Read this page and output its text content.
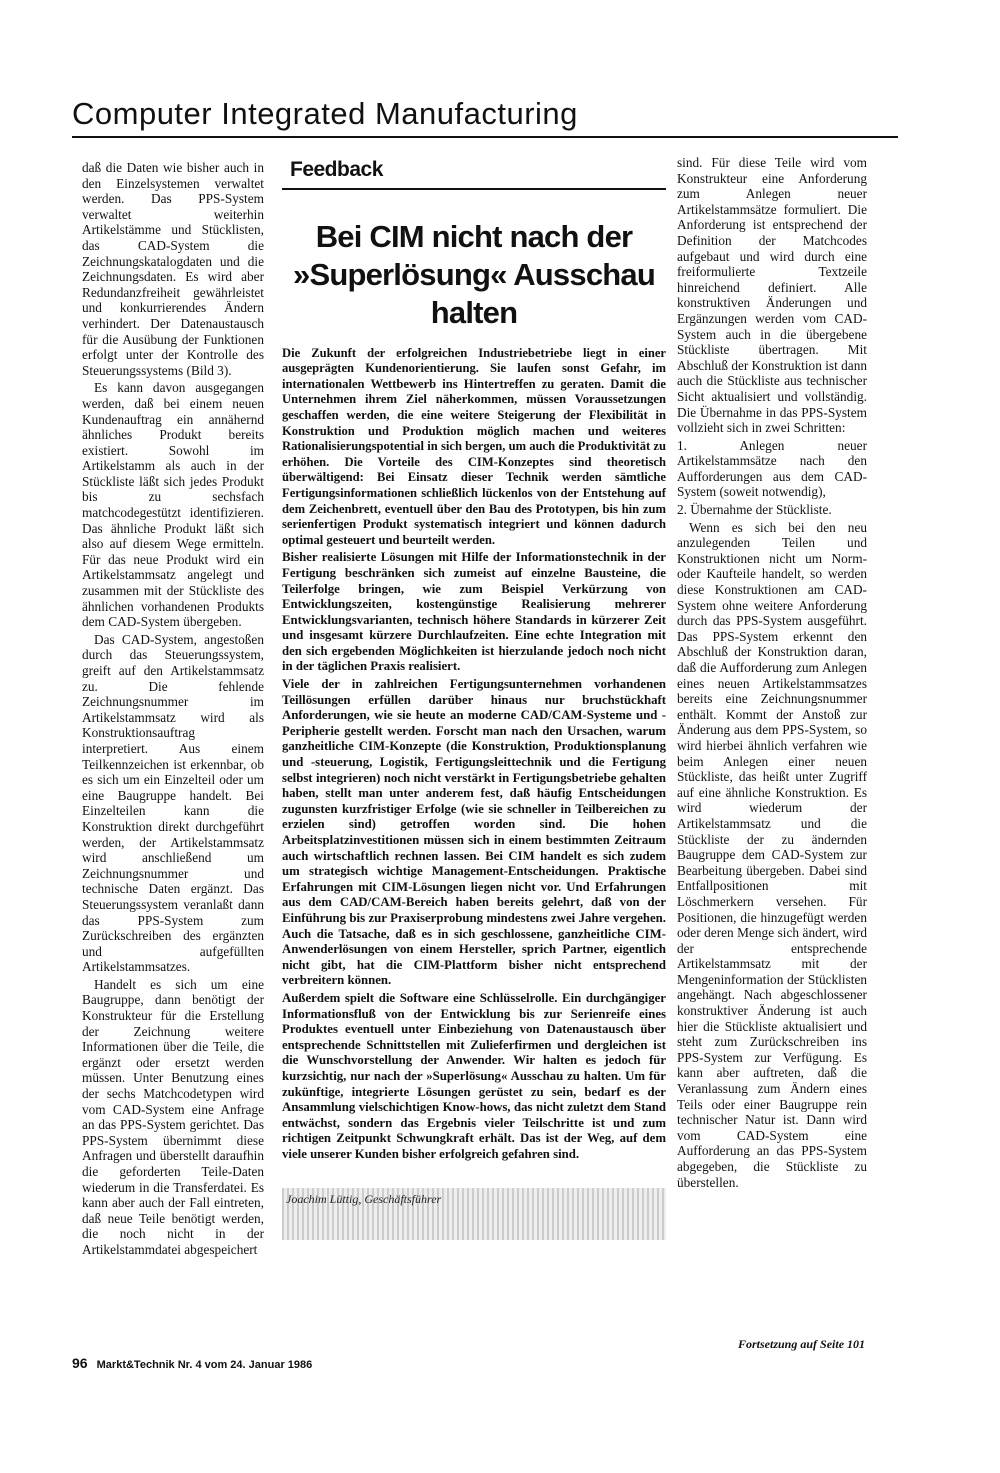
Computer Integrated Manufacturing

daß die Daten wie bisher auch in den Einzelsystemen verwaltet werden. Das PPS-System verwaltet weiterhin Artikelstämme und Stücklisten, das CAD-System die Zeichnungskatalogdaten und die Zeichnungsdaten. Es wird aber Redundanzfreiheit gewährleistet und konkurrierendes Ändern verhindert. Der Datenaustausch für die Ausübung der Funktionen erfolgt unter der Kontrolle des Steuerungssystems (Bild 3).

Es kann davon ausgegangen werden, daß bei einem neuen Kundenauftrag ein annähernd ähnliches Produkt bereits existiert. Sowohl im Artikelstamm als auch in der Stückliste läßt sich jedes Produkt bis zu sechsfach matchcodegestützt identifizieren. Das ähnliche Produkt läßt sich also auf diesem Wege ermitteln. Für das neue Produkt wird ein Artikelstammsatz angelegt und zusammen mit der Stückliste des ähnlichen vorhandenen Produkts dem CAD-System übergeben.

Das CAD-System, angestoßen durch das Steuerungssystem, greift auf den Artikelstammsatz zu. Die fehlende Zeichnungsnummer im Artikelstammsatz wird als Konstruktionsauftrag interpretiert. Aus einem Teilkennzeichen ist erkennbar, ob es sich um ein Einzelteil oder um eine Baugruppe handelt. Bei Einzelteilen kann die Konstruktion direkt durchgeführt werden, der Artikelstammsatz wird anschließend um Zeichnungsnummer und technische Daten ergänzt. Das Steuerungssystem veranlaßt dann das PPS-System zum Zurückschreiben des ergänzten und aufgefüllten Artikelstammsatzes.

Handelt es sich um eine Baugruppe, dann benötigt der Konstrukteur für die Erstellung der Zeichnung weitere Informationen über die Teile, die ergänzt oder ersetzt werden müssen. Unter Benutzung eines der sechs Matchcodetypen wird vom CAD-System eine Anfrage an das PPS-System gerichtet. Das PPS-System übernimmt diese Anfragen und überstellt daraufhin die geforderten Teile-Daten wiederum in die Transferdatei. Es kann aber auch der Fall eintreten, daß neue Teile benötigt werden, die noch nicht in der Artikelstammdatei abgespeichert

Feedback
Bei CIM nicht nach der »Superlösung« Ausschau halten

Die Zukunft der erfolgreichen Industriebetriebe liegt in einer ausgeprägten Kundenorientierung. Sie laufen sonst Gefahr, im internationalen Wettbewerb ins Hintertreffen zu geraten. Damit die Unternehmen ihrem Ziel näherkommen, müssen Voraussetzungen geschaffen werden, die eine weitere Steigerung der Flexibilität in Konstruktion und Produktion möglich machen und weiteres Rationalisierungspotential in sich bergen, um auch die Produktivität zu erhöhen. Die Vorteile des CIM-Konzeptes sind theoretisch überwältigend: Bei Einsatz dieser Technik werden sämtliche Fertigungsinformationen schließlich lückenlos von der Entstehung auf dem Zeichenbrett, eventuell über den Bau des Prototypen, bis hin zum serienfertigen Produkt systematisch integriert und können dadurch optimal gesteuert und beurteilt werden.

Bisher realisierte Lösungen mit Hilfe der Informationstechnik in der Fertigung beschränken sich zumeist auf einzelne Bausteine, die Teilerfolge bringen, wie zum Beispiel Verkürzung von Entwicklungszeiten, kostengünstige Realisierung mehrerer Entwicklungsvarianten, technisch höhere Standards in kürzerer Zeit und insgesamt kürzere Durchlaufzeiten. Eine echte Integration mit den sich ergebenden Möglichkeiten ist hierzulande jedoch noch nicht in der täglichen Praxis realisiert.

Viele der in zahlreichen Fertigungsunternehmen vorhandenen Teillösungen erfüllen darüber hinaus nur bruchstückhaft Anforderungen, wie sie heute an moderne CAD/CAM-Systeme und -Peripherie gestellt werden. Forscht man nach den Ursachen, warum ganzheitliche CIM-Konzepte (die Konstruktion, Produktionsplanung und -steuerung, Logistik, Fertigungsleittechnik und die Fertigung selbst integrieren) noch nicht verstärkt in Fertigungsbetriebe gehalten haben, stellt man unter anderem fest, daß häufig Entscheidungen zugunsten kurzfristiger Erfolge (wie sie schneller in Teilbereichen zu erzielen sind) getroffen worden sind. Die hohen Arbeitsplatzinvestitionen müssen sich in einem bestimmten Zeitraum auch wirtschaftlich rechnen lassen. Bei CIM handelt es sich zudem um strategisch wichtige Management-Entscheidungen. Praktische Erfahrungen mit CIM-Lösungen liegen nicht vor. Und Erfahrungen aus dem CAD/CAM-Bereich haben bereits gelehrt, daß von der Einführung bis zur Praxiserprobung mindestens zwei Jahre vergehen. Auch die Tatsache, daß es in sich geschlossene, ganzheitliche CIM-Anwenderlösungen von einem Hersteller, sprich Partner, eigentlich nicht gibt, hat die CIM-Plattform bisher nicht entsprechend verbreitern können.

Außerdem spielt die Software eine Schlüsselrolle. Ein durchgängiger Informationsfluß von der Entwicklung bis zur Serienreife eines Produktes eventuell unter Einbeziehung von Datenaustausch über entsprechende Schnittstellen mit Zulieferfirmen und dergleichen ist die Wunschvorstellung der Anwender. Wir halten es jedoch für kurzsichtig, nur nach der »Superlösung« Ausschau zu halten. Um für zukünftige, integrierte Lösungen gerüstet zu sein, bedarf es der Ansammlung vielschichtigen Know-hows, das nicht zuletzt dem Stand entwächst, sondern das Ergebnis vieler Teilschritte ist und zum richtigen Zeitpunkt Schwungkraft erhält. Das ist der Weg, auf dem viele unserer Kunden bisher erfolgreich gefahren sind.

Joachim Lüttig, Geschäftsführer

sind. Für diese Teile wird vom Konstrukteur eine Anforderung zum Anlegen neuer Artikelstammsätze formuliert. Die Anforderung ist entsprechend der Definition der Matchcodes aufgebaut und wird durch eine freiformulierte Textzeile hinreichend definiert. Alle konstruktiven Änderungen und Ergänzungen werden vom CAD-System auch in die übergebene Stückliste übertragen. Mit Abschluß der Konstruktion ist dann auch die Stückliste aus technischer Sicht aktualisiert und vollständig. Die Übernahme in das PPS-System vollzieht sich in zwei Schritten:

1. Anlegen neuer Artikelstammsätze nach den Aufforderungen aus dem CAD-System (soweit notwendig),

2. Übernahme der Stückliste.

Wenn es sich bei den neu anzulegenden Teilen und Konstruktionen nicht um Norm- oder Kaufteile handelt, so werden diese Konstruktionen am CAD-System ohne weitere Anforderung durch das PPS-System ausgeführt. Das PPS-System erkennt den Abschluß der Konstruktion daran, daß die Aufforderung zum Anlegen eines neuen Artikelstammsatzes bereits eine Zeichnungsnummer enthält. Kommt der Anstoß zur Änderung aus dem PPS-System, so wird hierbei ähnlich verfahren wie beim Anlegen einer neuen Stückliste, das heißt unter Zugriff auf eine ähnliche Konstruktion. Es wird wiederum der Artikelstammsatz und die Stückliste der zu ändernden Baugruppe dem CAD-System zur Bearbeitung übergeben. Dabei sind Entfallpositionen mit Löschmerkern versehen. Für Positionen, die hinzugefügt werden oder deren Menge sich ändert, wird der entsprechende Artikelstammsatz mit der Mengeninformation der Stücklisten angehängt. Nach abgeschlossener konstruktiver Änderung ist auch hier die Stückliste aktualisiert und steht zum Zurückschreiben ins PPS-System zur Verfügung. Es kann aber auftreten, daß die Veranlassung zum Ändern eines Teils oder einer Baugruppe rein technischer Natur ist. Dann wird vom CAD-System eine Aufforderung an das PPS-System abgegeben, die Stückliste zu überstellen.

Fortsetzung auf Seite 101
96 Markt&Technik Nr. 4 vom 24. Januar 1986
